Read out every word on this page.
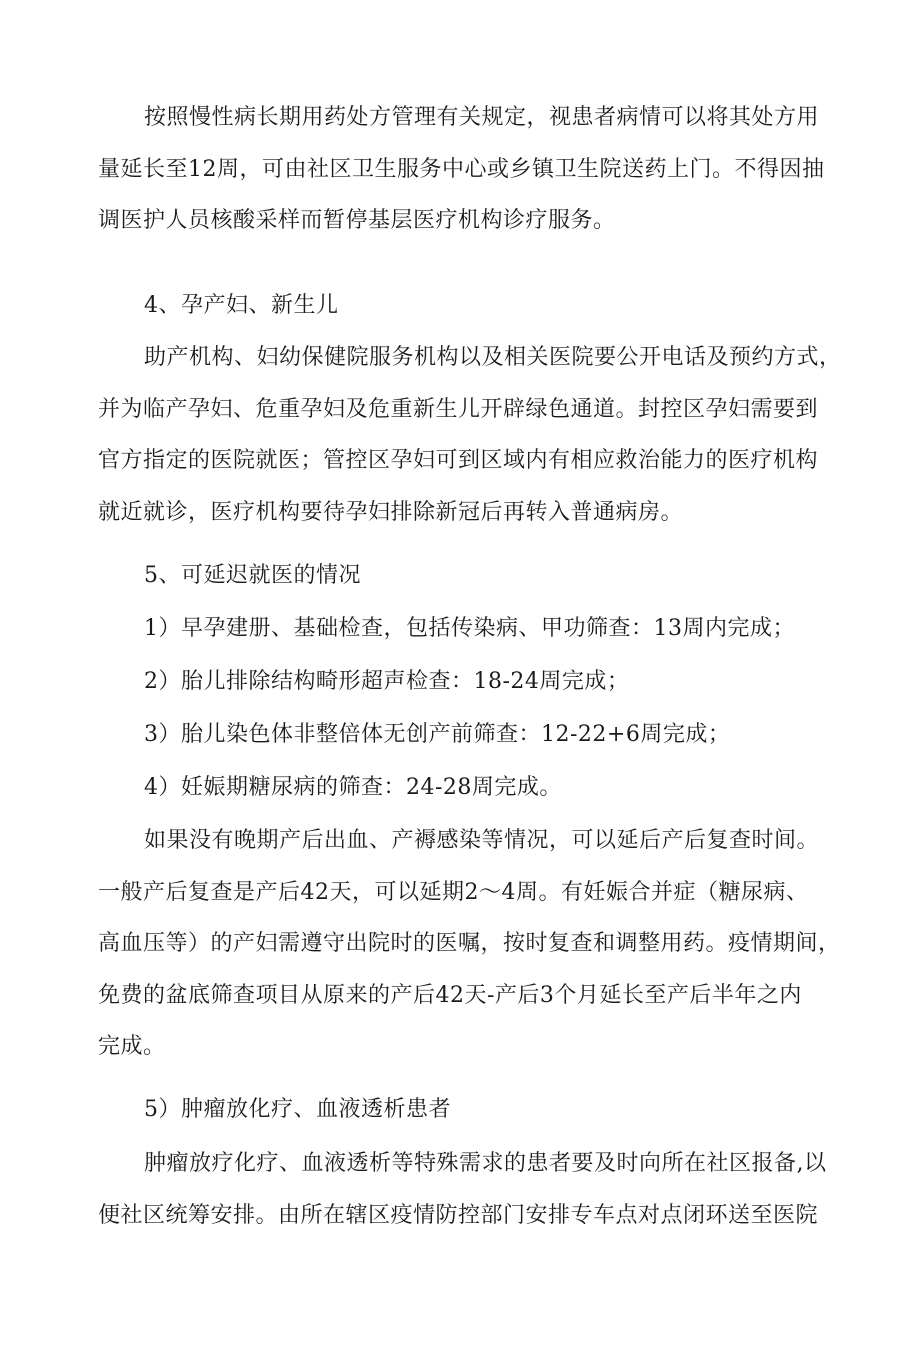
按照慢性病长期用药处方管理有关规定，视患者病情可以将其处方用
量延长至12周，可由社区卫生服务中心或乡镇卫生院送药上门。不得因抽
调医护人员核酸采样而暂停基层医疗机构诊疗服务。
4、孕产妇、新生儿
助产机构、妇幼保健院服务机构以及相关医院要公开电话及预约方式，
并为临产孕妇、危重孕妇及危重新生儿开辟绿色通道。封控区孕妇需要到
官方指定的医院就医；管控区孕妇可到区域内有相应救治能力的医疗机构
就近就诊，医疗机构要待孕妇排除新冠后再转入普通病房。
5、可延迟就医的情况
1）早孕建册、基础检查，包括传染病、甲功筛查：13周内完成；
2）胎儿排除结构畸形超声检查：18-24周完成；
3）胎儿染色体非整倍体无创产前筛查：12-22+6周完成；
4）妊娠期糖尿病的筛查：24-28周完成。
如果没有晚期产后出血、产褥感染等情况，可以延后产后复查时间。
一般产后复查是产后42天，可以延期2～4周。有妊娠合并症（糖尿病、
高血压等）的产妇需遵守出院时的医嘱，按时复查和调整用药。疫情期间，
免费的盆底筛查项目从原来的产后42天-产后3个月延长至产后半年之内
完成。
5）肿瘤放化疗、血液透析患者
肿瘤放疗化疗、血液透析等特殊需求的患者要及时向所在社区报备,以
便社区统筹安排。由所在辖区疫情防控部门安排专车点对点闭环送至医院
